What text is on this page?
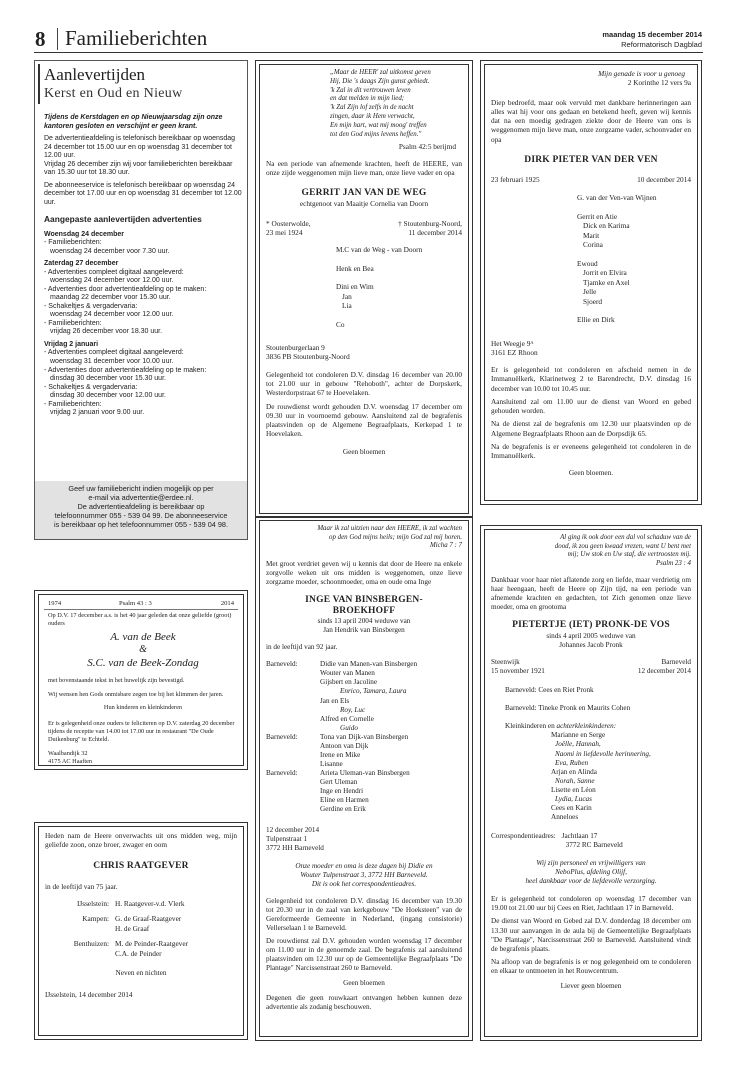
8 Familieberichten	maandag 15 december 2014
Reformatorisch Dagblad
Aanlevertijden
Kerst en Oud en Nieuw

Tijdens de Kerstdagen en op Nieuwjaarsdag zijn onze kantoren gesloten en verschijnt er geen krant.

De advertentieafdeling is telefonisch bereikbaar op woensdag 24 december tot 15.00 uur en op woensdag 31 december tot 12.00 uur.

Vrijdag 26 december zijn wij voor familieberichten bereikbaar van 15.30 uur tot 18.30 uur.

De abonneeservice is telefonisch bereikbaar op woensdag 24 december tot 17.00 uur en op woensdag 31 december tot 12.00 uur.

Aangepaste aanlevertijden advertenties
Woensdag 24 december
- Familieberichten:
woensdag 24 december voor 7.30 uur.
Zaterdag 27 december
- Advertenties compleet digitaal aangeleverd:
woensdag 24 december voor 12.00 uur.
- Advertenties door advertentieafdeling op te maken:
maandag 22 december voor 15.30 uur.
- Schakeltjes & vergadervaria:
woensdag 24 december voor 12.00 uur.
- Familieberichten:
vrijdag 26 december voor 18.30 uur.
Vrijdag 2 januari
- Advertenties compleet digitaal aangeleverd:
woensdag 31 december voor 10.00 uur.
- Advertenties door advertentieafdeling op te maken:
dinsdag 30 december voor 15.30 uur.
- Schakeltjes & vergadervaria:
dinsdag 30 december voor 12.00 uur.
- Familieberichten:
vrijdag 2 januari voor 9.00 uur.
Geef uw familiebericht indien mogelijk op per
e-mail via advertentie@erdee.nl.
De advertentieafdeling is bereikbaar op
telefoonnummer 055 - 539 04 99. De abonneeservice
is bereikbaar op het telefoonnummer 055 - 539 04 98.
1974	Psalm 43 : 3	2014
Op D.V. 17 december a.s. is het 40 jaar geleden dat onze geliefde (groot) ouders
A. van de Beek
&
S.C. van de Beek-Zondag
met bovenstaande tekst in het huwelijk zijn bevestigd.
Wij wensen hen Gods onmisbare zegen toe bij het klimmen der jaren.
Hun kinderen en kleinkinderen
Er is gelegenheid onze ouders te feliciteren op D.V. zaterdag 20 december tijdens de receptie van 14.00 tot 17.00 uur in restaurant "De Oude Duikenburg" te Echteld.
Waalbandijk 32
4175 AC Haaften
Heden nam de Heere onverwachts uit ons midden weg, mijn geliefde zoon, onze broer, zwager en oom
CHRIS RAATGEVER
in de leeftijd van 75 jaar.
IJsselstein: H. Raatgever-v.d. Vlerk
Kampen: G. de Graaf-Raatgever
H. de Graaf
Benthuizen: M. de Peinder-Raatgever
C.A. de Peinder
Neven en nichten
IJsselstein, 14 december 2014
„Maar de HEER' zal uitkomst geven
Hij, Die 's daags Zijn gunst gebiedt.
'k Zal in dit vertrouwen leven
en dat melden in mijn lied;
'k Zal Zijn lof zelfs in de nacht
zingen, daar ik Hem verwacht,
En mijn hart, wat mij moog' treffen
tot den God mijns levens heffen."
Psalm 42:5 berijmd
Na een periode van afnemende krachten, heeft de HEERE, van onze zijde weggenomen mijn lieve man, onze lieve vader en opa
GERRIT JAN VAN DE WEG
echtgenoot van Maaitje Cornelia van Doorn
* Oosterwolde,
23 mei 1924
† Stoutenburg-Noord,
11 december 2014
M.C van de Weg - van Doorn
Henk en Bea
Dini en Wim
Jan
Lia
Co
Stoutenburgerlaan 9
3836 PB Stoutenburg-Noord

Gelegenheid tot condoleren D.V. dinsdag 16 december van 20.00 tot 21.00 uur in gebouw "Rehoboth", achter de Dorpskerk, Westerdorpstraat 67 te Hoevelaken.

De rouwdienst wordt gehouden D.V. woensdag 17 december om 09.30 uur in voornoemd gebouw. Aansluitend zal de begrafenis plaatsvinden op de Algemene Begraafplaats, Kerkepad 1 te Hoevelaken.

Geen bloemen
Maar ik zal uitzien naar den HEERE, ik zal wachten
op den God mijns heils; mijn God zal mij horen.
Micha 7 : 7
Met groot verdriet geven wij u kennis dat door de Heere na enkele zorgvolle weken uit ons midden is weggenomen, onze lieve zorgzame moeder, schoonmoeder, oma en oude oma Inge
INGE VAN BINSBERGEN-
BROEKHOFF
sinds 13 april 2004 weduwe van
Jan Hendrik van Binsbergen
in de leeftijd van 92 jaar.
Barneveld:	Didie van Manen-van Binsbergen
Wouter van Manen
Gijsbert en Jacoline
Enrico, Tamara, Laura
Jan en Els
Roy, Luc
Alfred en Cornelle
Guido
Barneveld:	Tona van Dijk-van Binsbergen
Antoon van Dijk
Irene en Mike
Lisanne
Barneveld:	Arieta Uleman-van Binsbergen
Gert Uleman
Inge en Hendri
Eline en Harmen
Gerdine en Erik
12 december 2014
Tulpenstraat 1
3772 HH Barneveld
Onze moeder en oma is deze dagen bij Didie en
Wouter Tulpenstraat 3, 3772 HH Barneveld.
Dit is ook het correspondentieadres.

Gelegenheid tot condoleren D.V. dinsdag 16 december van 19.30 tot 20.30 uur in de zaal van kerkgebouw "De Hoeksteen" van de Gereformeerde Gemeente in Nederland, (ingang consistorie) Vellerselaan 1 te Barneveld.

De rouwdienst zal D.V. gehouden worden woensdag 17 december om 11.00 uur in de genoemde zaal. De begrafenis zal aansluitend plaatsvinden om 12.30 uur op de Gemeentelijke Begraafplaats "De Plantage" Narcissenstraat 260 te Barneveld.

Geen bloemen
Degenen die geen rouwkaart ontvangen hebben kunnen deze advertentie als zodanig beschouwen.
Mijn genade is voor u genoeg
2 Korinthe 12 vers 9a
Diep bedroefd, maar ook vervuld met dankbare herinneringen aan alles wat hij voor ons gedaan en betekend heeft, geven wij kennis dat na een moedig gedragen ziekte door de Heere van ons is weggenomen mijn lieve man, onze zorgzame vader, schoonvader en opa
DIRK PIETER VAN DER VEN
23 februari 1925	10 december 2014
G. van der Ven-van Wijnen
Gerrit en Atie
Dick en Karima
Marit
Corina
Ewoud
Jorrit en Elvira
Tjamke en Axel
Jelle
Sjoerd
Ellie en Dirk
Het Weegje 9ᴬ
3161 EZ Rhoon

Er is gelegenheid tot condoleren en afscheid nemen in de Immanuëlkerk, Klarinetweg 2 te Barendrecht, D.V. dinsdag 16 december van 10.00 tot 10.45 uur.

Aansluitend zal om 11.00 uur de dienst van Woord en gebed gehouden worden.

Na de dienst zal de begrafenis om 12.30 uur plaatsvinden op de Algemene Begraafplaats Rhoon aan de Dorpsdijk 65.

Na de begrafenis is er eveneens gelegenheid tot condoleren in de Immanuëlkerk.

Geen bloemen.
Al ging ik ook door een dal vol schaduw van de
dood, ik zou geen kwaad vrezen, want U bent met
mij; Uw stok en Uw staf, die vertroosten mij.
Psalm 23 : 4
Dankbaar voor haar niet aflatende zorg en liefde, maar verdrietig om haar heengaan, heeft de Heere op Zijn tijd, na een periode van afnemende krachten en gedachten, tot Zich genomen onze lieve moeder, oma en grootoma
PIETERTJE (IET) PRONK-DE VOS
sinds 4 april 2005 weduwe van
Johannes Jacob Pronk
Steenwijk
15 november 1921
Barneveld
12 december 2014
Barneveld: Cees en Riet Pronk
Barneveld: Tineke Pronk en Maurits Cohen
Kleinkinderen en achterkleinkinderen:
Marianne en Serge
Joëlle, Hannah,
Naomi in liefdevolle herinnering,
Eva, Ruben
Arjan en Alinda
Norah, Sanne
Lisette en Léon
Lydia, Lucas
Cees en Karin
Anneloes
Correspondentieadres: Jachtlaan 17
3772 RC Barneveld
Wij zijn personeel en vrijwilligers van
NeboPlus, afdeling Olijf,
heel dankbaar voor de liefdevolle verzorging.

Er is gelegenheid tot condoleren op woensdag 17 december van 19.00 tot 21.00 uur bij Cees en Riet, Jachtlaan 17 in Barneveld.

De dienst van Woord en Gebed zal D.V. donderdag 18 december om 13.30 uur aanvangen in de aula bij de Gemeentelijke Begraafplaats "De Plantage", Narcissenstraat 260 te Barneveld. Aansluitend vindt de begrafenis plaats.

Na afloop van de begrafenis is er nog gelegenheid om te condoleren en elkaar te ontmoeten in het Rouwcentrum.

Liever geen bloemen
